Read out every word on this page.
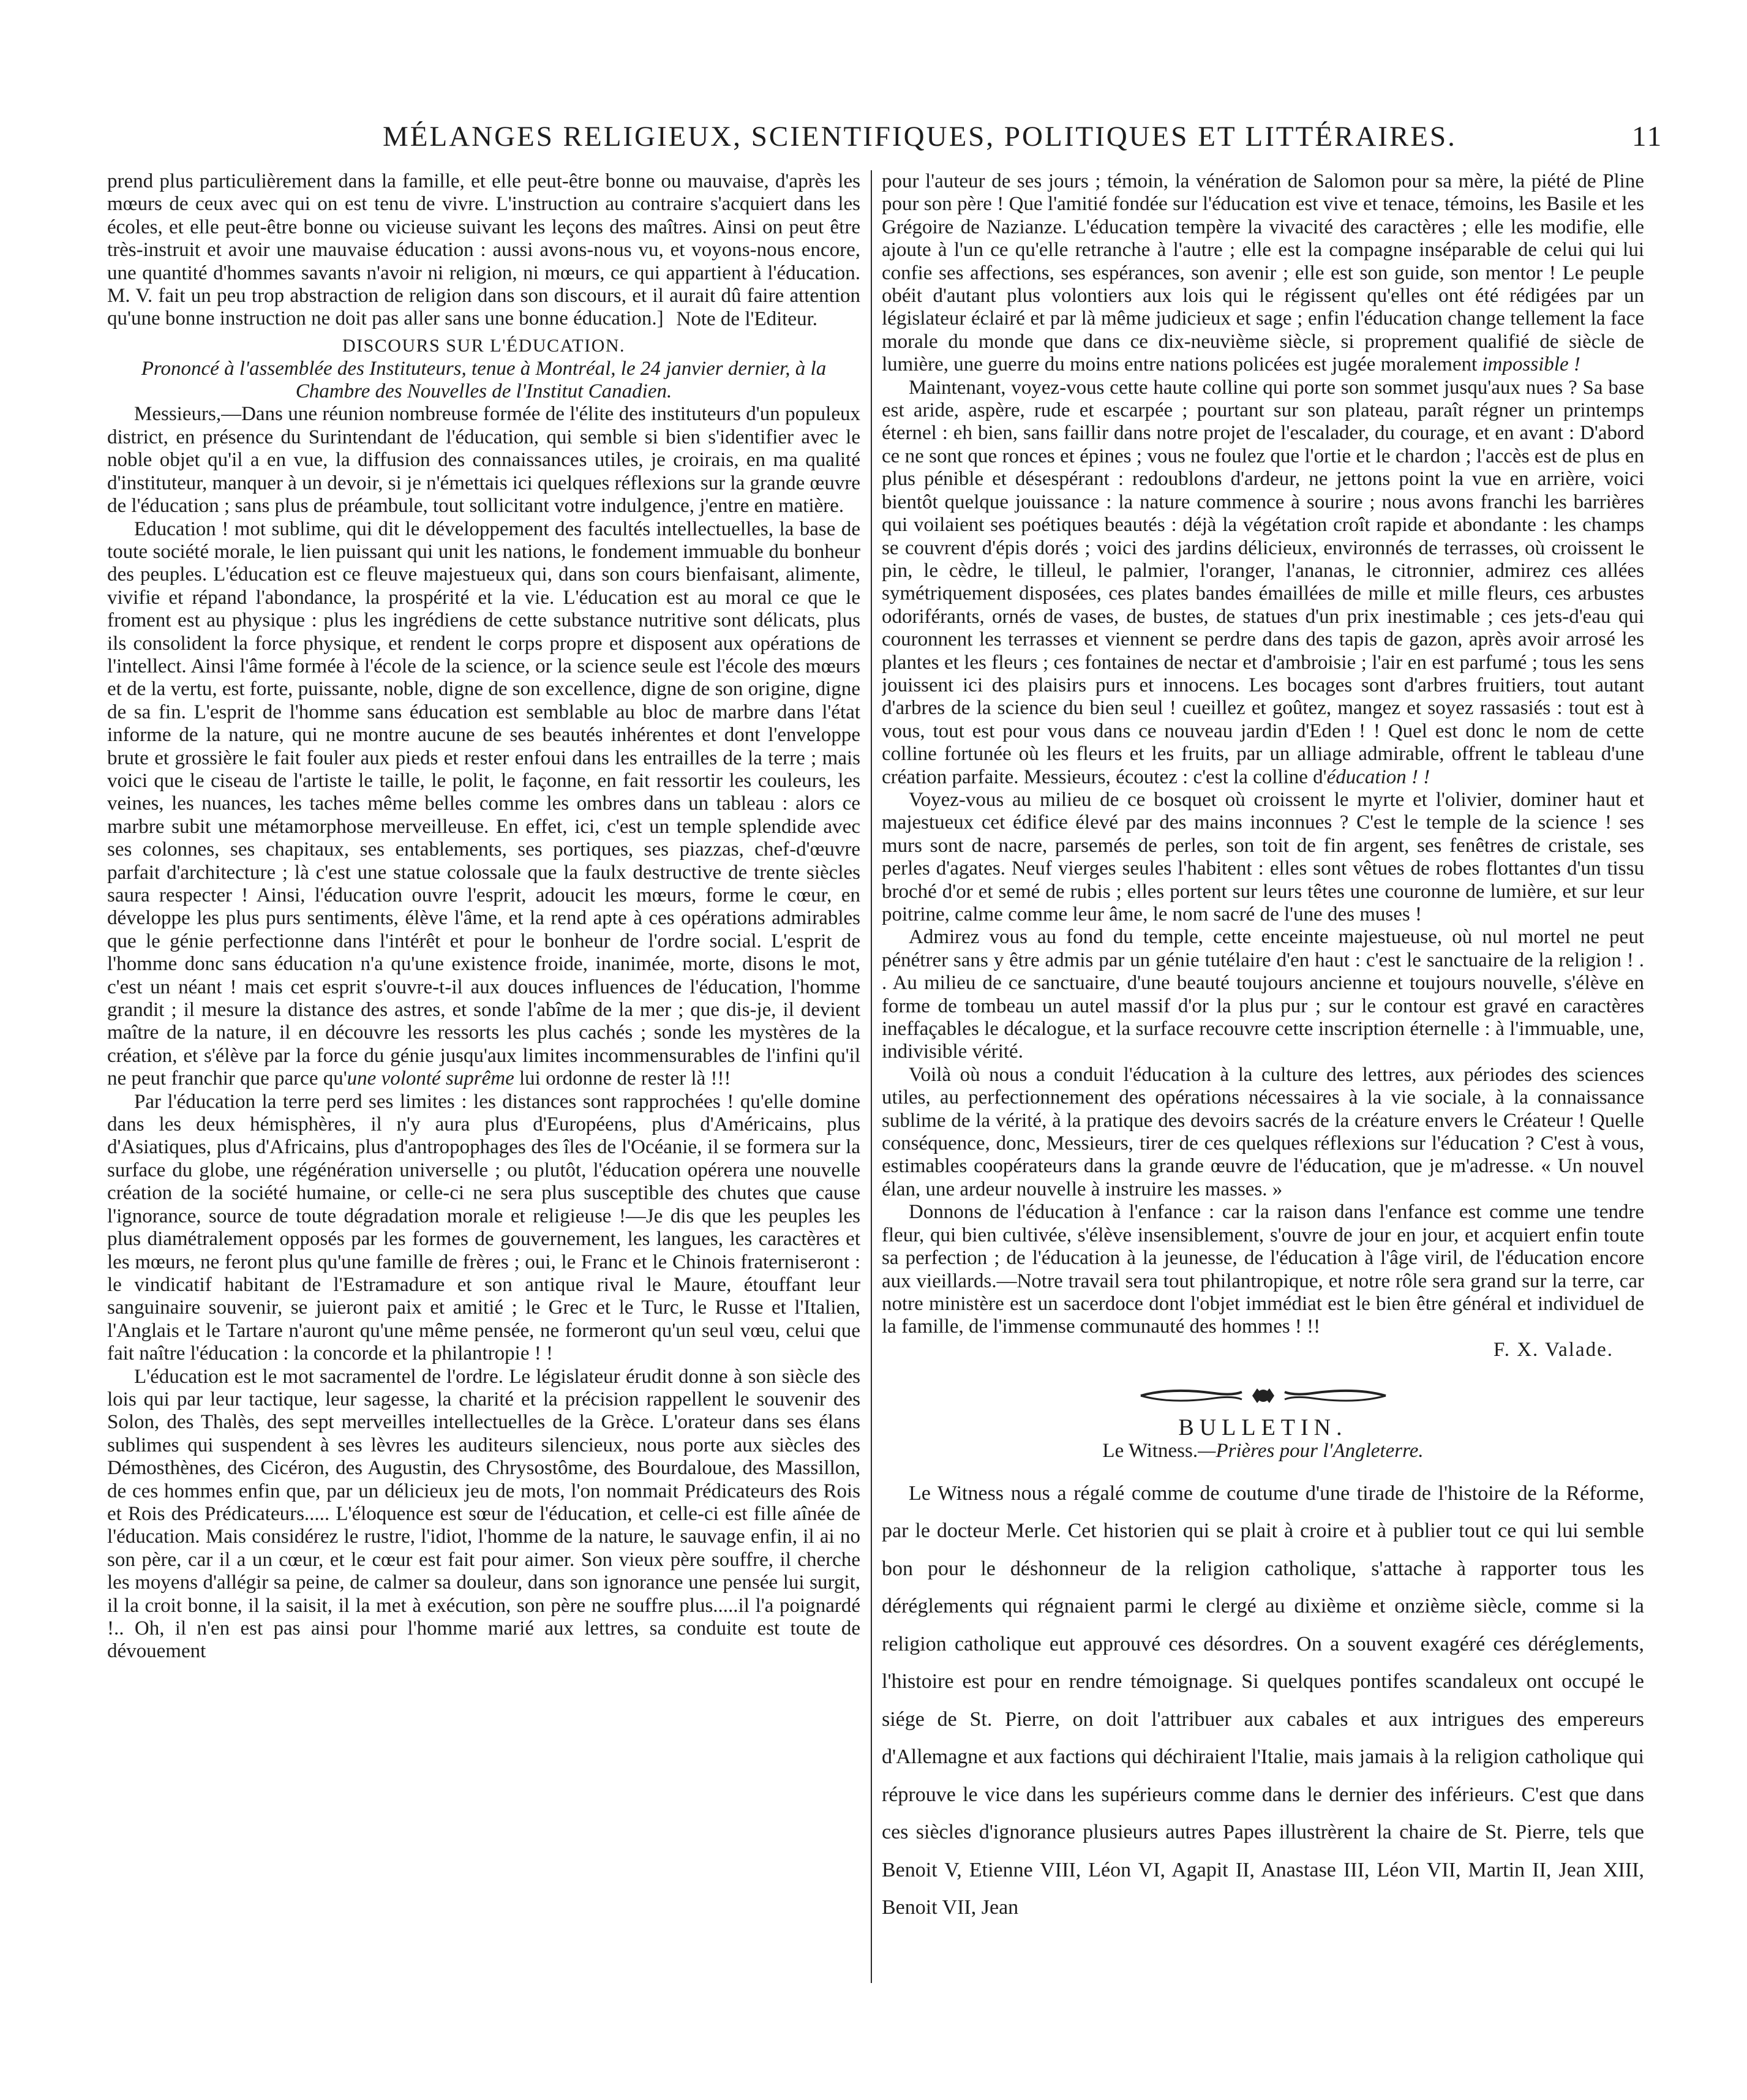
MÉLANGES RELIGIEUX, SCIENTIFIQUES, POLITIQUES ET LITTÉRAIRES.	11

prend plus particulièrement dans la famille, et elle peut-être bonne ou mauvaise, d'après les mœurs de ceux avec qui on est tenu de vivre. L'instruction au contraire s'acquiert dans les écoles, et elle peut-être bonne ou vicieuse suivant les leçons des maîtres. Ainsi on peut être très-instruit et avoir une mauvaise éducation : aussi avons-nous vu, et voyons-nous encore, une quantité d'hommes savants n'avoir ni religion, ni mœurs, ce qui appartient à l'éducation. M. V. fait un peu trop abstraction de religion dans son discours, et il aurait dû faire attention qu'une bonne instruction ne doit pas aller sans une bonne éducation.] Note de l'Editeur.

DISCOURS SUR L'ÉDUCATION.

Prononcé à l'assemblée des Instituteurs, tenue à Montréal, le 24 janvier dernier, à la Chambre des Nouvelles de l'Institut Canadien.

Messieurs,—Dans une réunion nombreuse formée de l'élite des instituteurs d'un populeux district, en présence du Surintendant de l'éducation, qui semble si bien s'identifier avec le noble objet qu'il a en vue, la diffusion des connaissances utiles, je croirais, en ma qualité d'instituteur, manquer à un devoir, si je n'émettais ici quelques réflexions sur la grande œuvre de l'éducation ; sans plus de préambule, tout sollicitant votre indulgence, j'entre en matière.

Education ! mot sublime, qui dit le développement des facultés intellectuelles, la base de toute société morale, le lien puissant qui unit les nations, le fondement immuable du bonheur des peuples. L'éducation est ce fleuve majestueux qui, dans son cours bienfaisant, alimente, vivifie et répand l'abondance, la prospérité et la vie. L'éducation est au moral ce que le froment est au physique : plus les ingrédiens de cette substance nutritive sont délicats, plus ils consolident la force physique, et rendent le corps propre et disposent aux opérations de l'intellect. Ainsi l'âme formée à l'école de la science, or la science seule est l'école des mœurs et de la vertu, est forte, puissante, noble, digne de son excellence, digne de son origine, digne de sa fin. L'esprit de l'homme sans éducation est semblable au bloc de marbre dans l'état informe de la nature, qui ne montre aucune de ses beautés inhérentes et dont l'enveloppe brute et grossière le fait fouler aux pieds et rester enfoui dans les entrailles de la terre ; mais voici que le ciseau de l'artiste le taille, le polit, le façonne, en fait ressortir les couleurs, les veines, les nuances, les taches même belles comme les ombres dans un tableau : alors ce marbre subit une métamorphose merveilleuse. En effet, ici, c'est un temple splendide avec ses colonnes, ses chapitaux, ses entablements, ses portiques, ses piazzas, chef-d'œuvre parfait d'architecture ; là c'est une statue colossale que la faulx destructive de trente siècles saura respecter ! Ainsi, l'éducation ouvre l'esprit, adoucit les mœurs, forme le cœur, en développe les plus purs sentiments, élève l'âme, et la rend apte à ces opérations admirables que le génie perfectionne dans l'intérêt et pour le bonheur de l'ordre social. L'esprit de l'homme donc sans éducation n'a qu'une existence froide, inanimée, morte, disons le mot, c'est un néant ! mais cet esprit s'ouvre-t-il aux douces influences de l'éducation, l'homme grandit ; il mesure la distance des astres, et sonde l'abîme de la mer ; que dis-je, il devient maître de la nature, il en découvre les ressorts les plus cachés ; sonde les mystères de la création, et s'élève par la force du génie jusqu'aux limites incommensurables de l'infini qu'il ne peut franchir que parce qu'une volonté suprême lui ordonne de rester là !!!

Par l'éducation la terre perd ses limites : les distances sont rapprochées ! qu'elle domine dans les deux hémisphères, il n'y aura plus d'Européens, plus d'Américains, plus d'Asiatiques, plus d'Africains, plus d'antropophages des îles de l'Océanie, il se formera sur la surface du globe, une régénération universelle ; ou plutôt, l'éducation opérera une nouvelle création de la société humaine, or celle-ci ne sera plus susceptible des chutes que cause l'ignorance, source de toute dégradation morale et religieuse !—Je dis que les peuples les plus diamétralement opposés par les formes de gouvernement, les langues, les caractères et les mœurs, ne feront plus qu'une famille de frères ; oui, le Franc et le Chinois fraterniseront : le vindicatif habitant de l'Estramadure et son antique rival le Maure, étouffant leur sanguinaire souvenir, se juieront paix et amitié ; le Grec et le Turc, le Russe et l'Italien, l'Anglais et le Tartare n'auront qu'une même pensée, ne formeront qu'un seul vœu, celui que fait naître l'éducation : la concorde et la philantropie ! !

L'éducation est le mot sacramentel de l'ordre. Le législateur érudit donne à son siècle des lois qui par leur tactique, leur sagesse, la charité et la précision rappellent le souvenir des Solon, des Thalès, des sept merveilles intellectuelles de la Grèce. L'orateur dans ses élans sublimes qui suspendent à ses lèvres les auditeurs silencieux, nous porte aux siècles des Démosthènes, des Cicéron, des Augustin, des Chrysostôme, des Bourdaloue, des Massillon, de ces hommes enfin que, par un délicieux jeu de mots, l'on nommait Prédicateurs des Rois et Rois des Prédicateurs..... L'éloquence est sœur de l'éducation, et celle-ci est fille aînée de l'éducation. Mais considérez le rustre, l'idiot, l'homme de la nature, le sauvage enfin, il ai no son père, car il a un cœur, et le cœur est fait pour aimer. Son vieux père souffre, il cherche les moyens d'allégir sa peine, de calmer sa douleur, dans son ignorance une pensée lui surgit, il la croit bonne, il la saisit, il la met à exécution, son père ne souffre plus.....il l'a poignardé !.. Oh, il n'en est pas ainsi pour l'homme marié aux lettres, sa conduite est toute de dévouement

pour l'auteur de ses jours ; témoin, la vénération de Salomon pour sa mère, la piété de Pline pour son père ! Que l'amitié fondée sur l'éducation est vive et tenace, témoins, les Basile et les Grégoire de Nazianze. L'éducation tempère la vivacité des caractères ; elle les modifie, elle ajoute à l'un ce qu'elle retranche à l'autre ; elle est la compagne inséparable de celui qui lui confie ses affections, ses espérances, son avenir ; elle est son guide, son mentor ! Le peuple obéit d'autant plus volontiers aux lois qui le régissent qu'elles ont été rédigées par un législateur éclairé et par là même judicieux et sage ; enfin l'éducation change tellement la face morale du monde que dans ce dix-neuvième siècle, si proprement qualifié de siècle de lumière, une guerre du moins entre nations policées est jugée moralement impossible !

Maintenant, voyez-vous cette haute colline qui porte son sommet jusqu'aux nues ? Sa base est aride, aspère, rude et escarpée ; pourtant sur son plateau, paraît régner un printemps éternel : eh bien, sans faillir dans notre projet de l'escalader, du courage, et en avant : D'abord ce ne sont que ronces et épines ; vous ne foulez que l'ortie et le chardon ; l'accès est de plus en plus pénible et désespérant : redoublons d'ardeur, ne jettons point la vue en arrière, voici bientôt quelque jouissance : la nature commence à sourire ; nous avons franchi les barrières qui voilaient ses poétiques beautés : déjà la végétation croît rapide et abondante : les champs se couvrent d'épis dorés ; voici des jardins délicieux, environnés de terrasses, où croissent le pin, le cèdre, le tilleul, le palmier, l'oranger, l'ananas, le citronnier, admirez ces allées symétriquement disposées, ces plates bandes émaillées de mille et mille fleurs, ces arbustes odoriférants, ornés de vases, de bustes, de statues d'un prix inestimable ; ces jets-d'eau qui couronnent les terrasses et viennent se perdre dans des tapis de gazon, après avoir arrosé les plantes et les fleurs ; ces fontaines de nectar et d'ambroisie ; l'air en est parfumé ; tous les sens jouissent ici des plaisirs purs et innocens. Les bocages sont d'arbres fruitiers, tout autant d'arbres de la science du bien seul ! cueillez et goûtez, mangez et soyez rassasiés : tout est à vous, tout est pour vous dans ce nouveau jardin d'Eden ! ! Quel est donc le nom de cette colline fortunée où les fleurs et les fruits, par un alliage admirable, offrent le tableau d'une création parfaite. Messieurs, écoutez : c'est la colline d'éducation ! !

Voyez-vous au milieu de ce bosquet où croissent le myrte et l'olivier, dominer haut et majestueux cet édifice élevé par des mains inconnues ? C'est le temple de la science ! ses murs sont de nacre, parsemés de perles, son toit de fin argent, ses fenêtres de cristale, ses perles d'agates. Neuf vierges seules l'habitent : elles sont vêtues de robes flottantes d'un tissu broché d'or et semé de rubis ; elles portent sur leurs têtes une couronne de lumière, et sur leur poitrine, calme comme leur âme, le nom sacré de l'une des muses !

Admirez vous au fond du temple, cette enceinte majestueuse, où nul mortel ne peut pénétrer sans y être admis par un génie tutélaire d'en haut : c'est le sanctuaire de la religion ! . . Au milieu de ce sanctuaire, d'une beauté toujours ancienne et toujours nouvelle, s'élève en forme de tombeau un autel massif d'or la plus pur ; sur le contour est gravé en caractères ineffaçables le décalogue, et la surface recouvre cette inscription éternelle : à l'immuable, une, indivisible vérité.

Voilà où nous a conduit l'éducation à la culture des lettres, aux périodes des sciences utiles, au perfectionnement des opérations nécessaires à la vie sociale, à la connaissance sublime de la vérité, à la pratique des devoirs sacrés de la créature envers le Créateur ! Quelle conséquence, donc, Messieurs, tirer de ces quelques réflexions sur l'éducation ? C'est à vous, estimables coopérateurs dans la grande œuvre de l'éducation, que je m'adresse. « Un nouvel élan, une ardeur nouvelle à instruire les masses. »

Donnons de l'éducation à l'enfance : car la raison dans l'enfance est comme une tendre fleur, qui bien cultivée, s'élève insensiblement, s'ouvre de jour en jour, et acquiert enfin toute sa perfection ; de l'éducation à la jeunesse, de l'éducation à l'âge viril, de l'éducation encore aux vieillards.—Notre travail sera tout philantropique, et notre rôle sera grand sur la terre, car notre ministère est un sacerdoce dont l'objet immédiat est le bien être général et individuel de la famille, de l'immense communauté des hommes ! !!

F. X. Valade.

BULLETIN.

Le Witness.—Prières pour l'Angleterre.

Le Witness nous a régalé comme de coutume d'une tirade de l'histoire de la Réforme, par le docteur Merle. Cet historien qui se plait à croire et à publier tout ce qui lui semble bon pour le déshonneur de la religion catholique, s'attache à rapporter tous les déréglements qui régnaient parmi le clergé au dixième et onzième siècle, comme si la religion catholique eut approuvé ces désordres. On a souvent exagéré ces déréglements, l'histoire est pour en rendre témoignage. Si quelques pontifes scandaleux ont occupé le siége de St. Pierre, on doit l'attribuer aux cabales et aux intrigues des empereurs d'Allemagne et aux factions qui déchiraient l'Italie, mais jamais à la religion catholique qui réprouve le vice dans les supérieurs comme dans le dernier des inférieurs. C'est que dans ces siècles d'ignorance plusieurs autres Papes illustrèrent la chaire de St. Pierre, tels que Benoit V, Etienne VIII, Léon VI, Agapit II, Anastase III, Léon VII, Martin II, Jean XIII, Benoit VII, Jean
